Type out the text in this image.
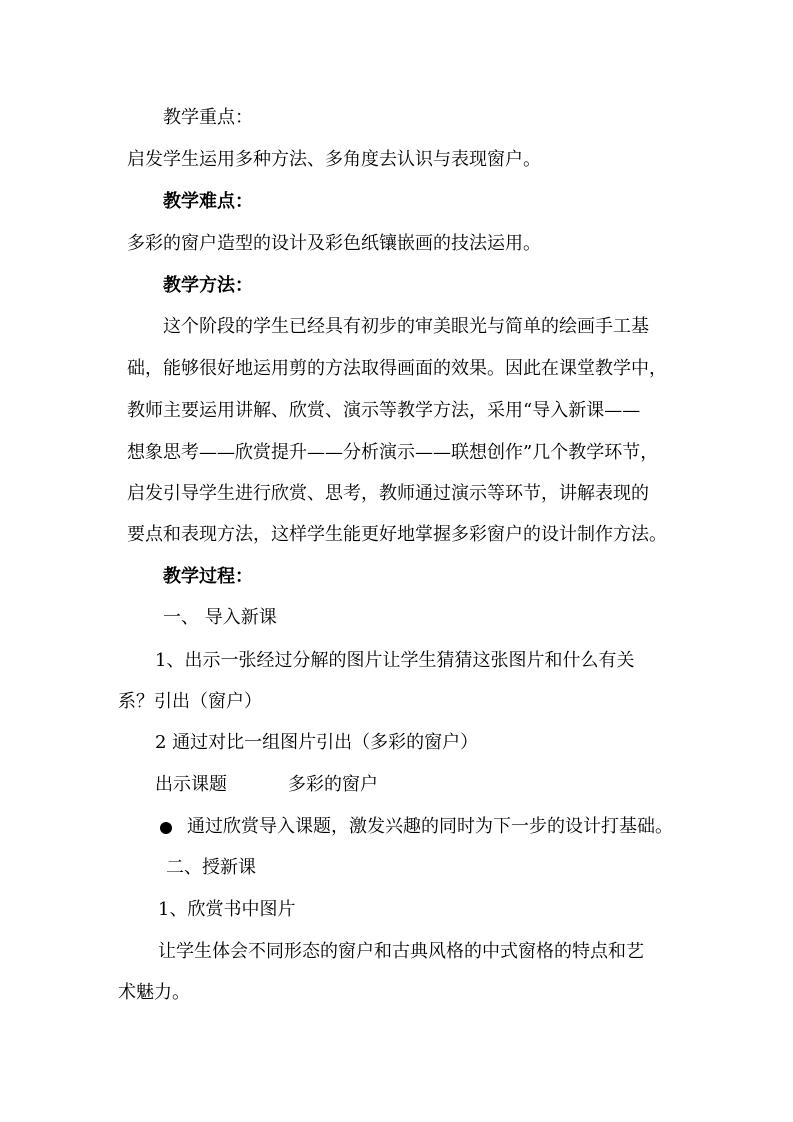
教学重点：
启发学生运用多种方法、多角度去认识与表现窗户。
教学难点：
多彩的窗户造型的设计及彩色纸镶嵌画的技法运用。
教学方法：
这个阶段的学生已经具有初步的审美眼光与简单的绘画手工基
础，能够很好地运用剪的方法取得画面的效果。因此在课堂教学中，
教师主要运用讲解、欣赏、演示等教学方法，采用“导入新课——
想象思考——欣赏提升——分析演示——联想创作”几个教学环节，
启发引导学生进行欣赏、思考，教师通过演示等环节，讲解表现的
要点和表现方法，这样学生能更好地掌握多彩窗户的设计制作方法。
教学过程：
一、 导入新课
1、出示一张经过分解的图片让学生猜猜这张图片和什么有关
系？引出（窗户）
2 通过对比一组图片引出（多彩的窗户）
出示课题	多彩的窗户
通过欣赏导入课题，激发兴趣的同时为下一步的设计打基础。
二、授新课
1、欣赏书中图片
让学生体会不同形态的窗户和古典风格的中式窗格的特点和艺
术魅力。
